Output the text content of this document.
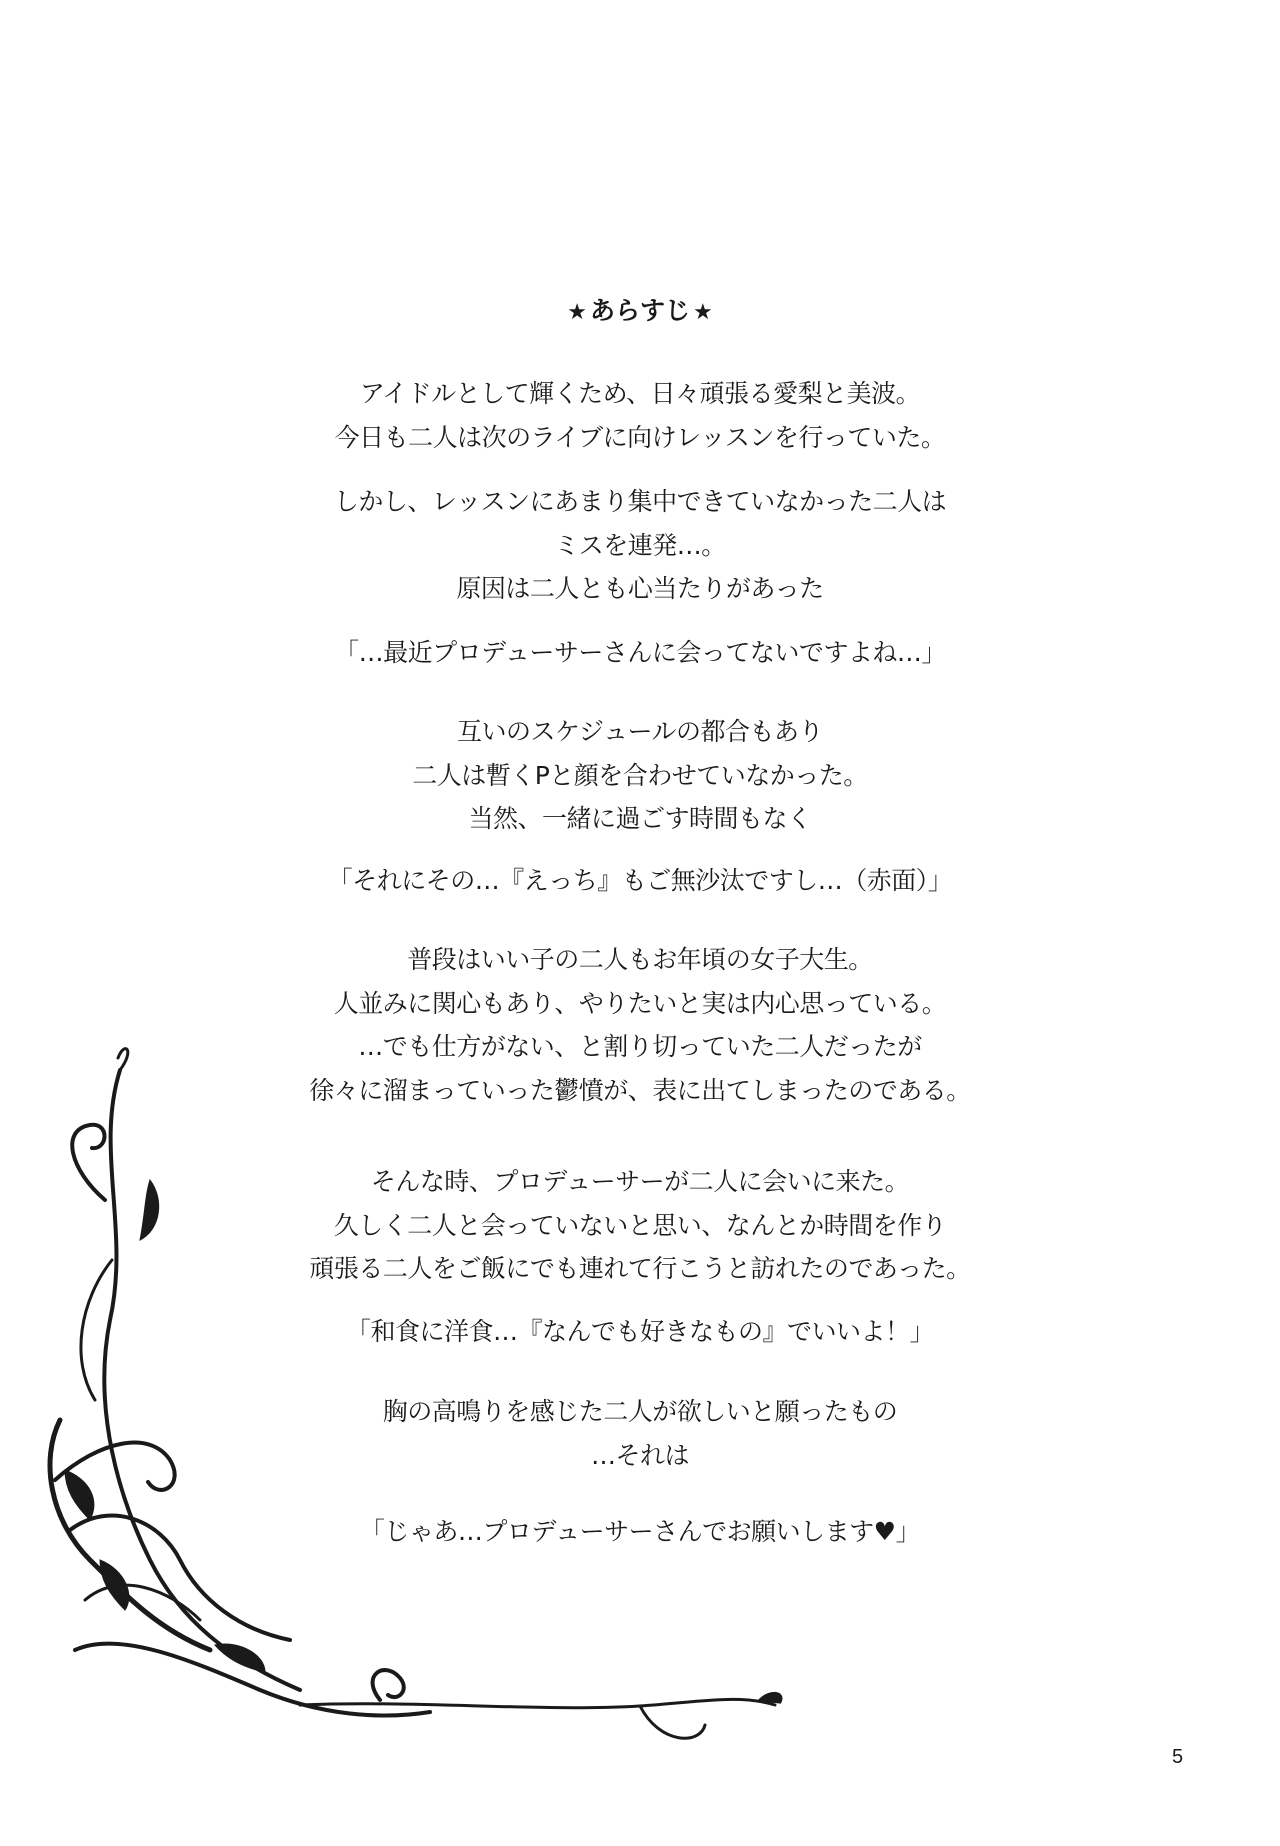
★ あらすじ ★
アイドルとして輝くため、日々頑張る愛梨と美波。
今日も二人は次のライブに向けレッスンを行っていた。
しかし、レッスンにあまり集中できていなかった二人は
ミスを連発…。
原因は二人とも心当たりがあった
「…最近プロデューサーさんに会ってないですよね…」
互いのスケジュールの都合もあり
二人は暫くPと顔を合わせていなかった。
当然、一緒に過ごす時間もなく
「それにその…『えっち』もご無沙汰ですし…（赤面）」
普段はいい子の二人もお年頃の女子大生。
人並みに関心もあり、やりたいと実は内心思っている。
…でも仕方がない、と割り切っていた二人だったが
徐々に溜まっていった鬱憤が、表に出てしまったのである。
そんな時、プロデューサーが二人に会いに来た。
久しく二人と会っていないと思い、なんとか時間を作り
頑張る二人をご飯にでも連れて行こうと訪れたのであった。
「和食に洋食…『なんでも好きなもの』でいいよ！」
胸の高鳴りを感じた二人が欲しいと願ったもの
…それは
「じゃあ…プロデューサーさんでお願いします♥」
5
